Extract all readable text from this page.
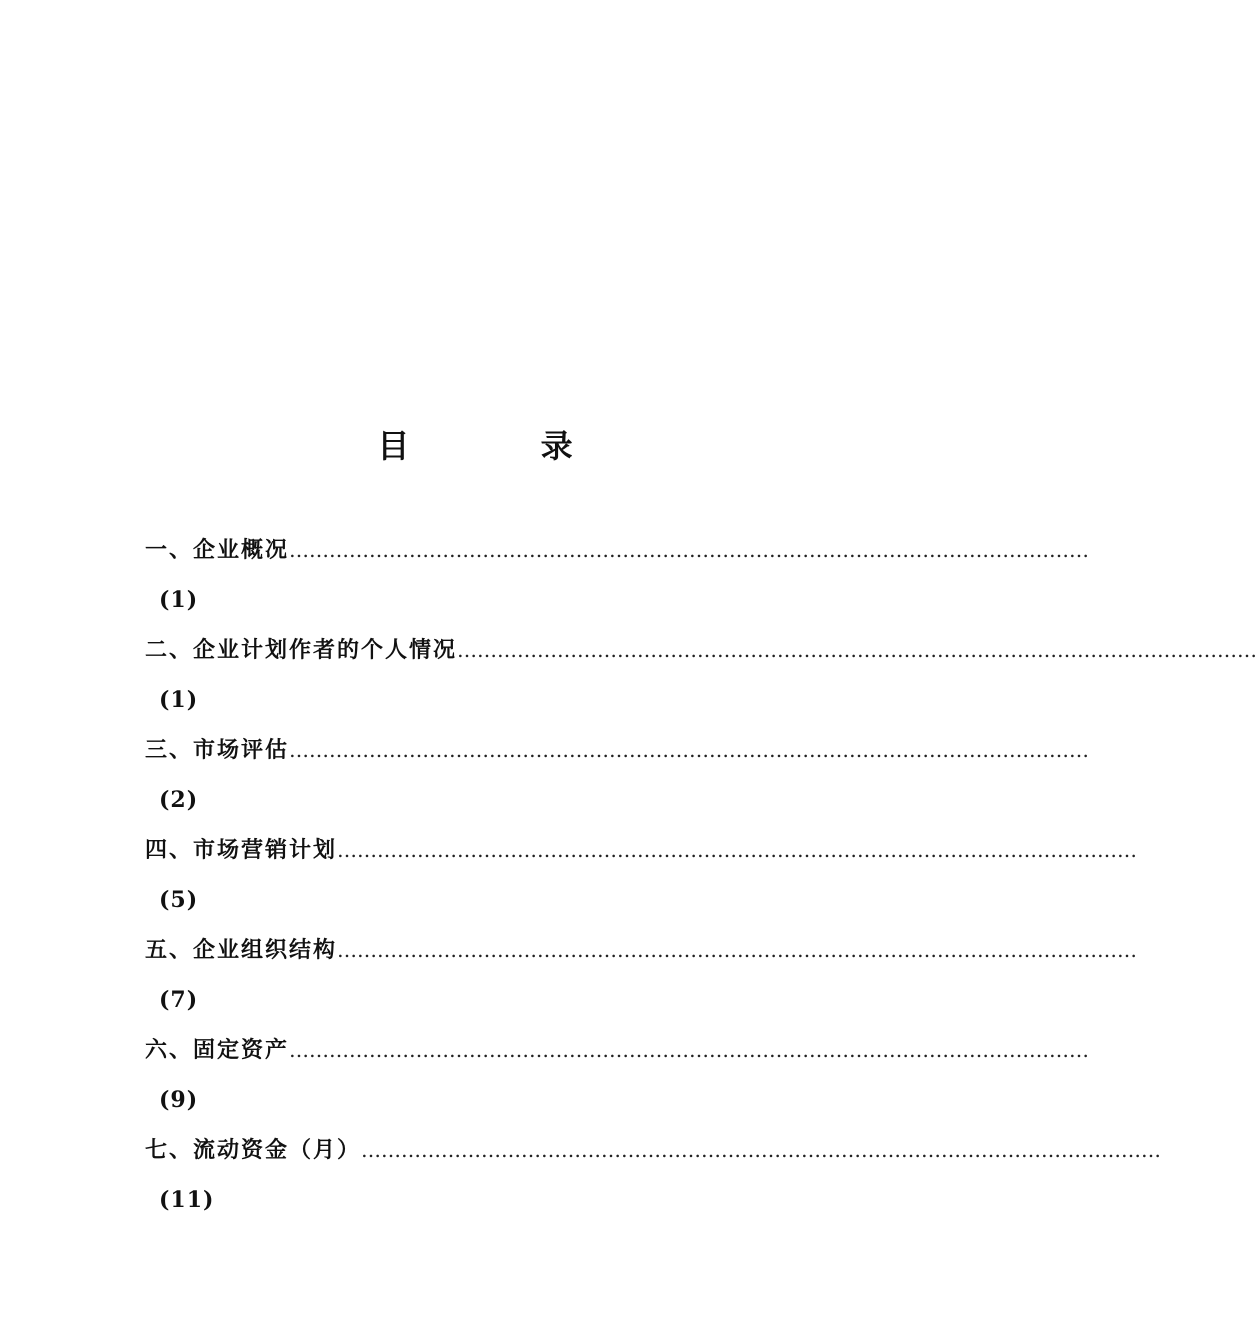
目 录
一、 企业概况 …………………………………………………………………………………………………………
(1)
二、 企业计划作者的个人情况 …………………………………………………………………………………………………………
(1)
三、 市场评估 …………………………………………………………………………………………………………
(2)
四、 市场营销计划 …………………………………………………………………………………………………………
(5)
五、 企业组织结构 …………………………………………………………………………………………………………
(7)
六、 固定资产 …………………………………………………………………………………………………………
(9)
七、 流动资金（月） …………………………………………………………………………………………………………
(11)
